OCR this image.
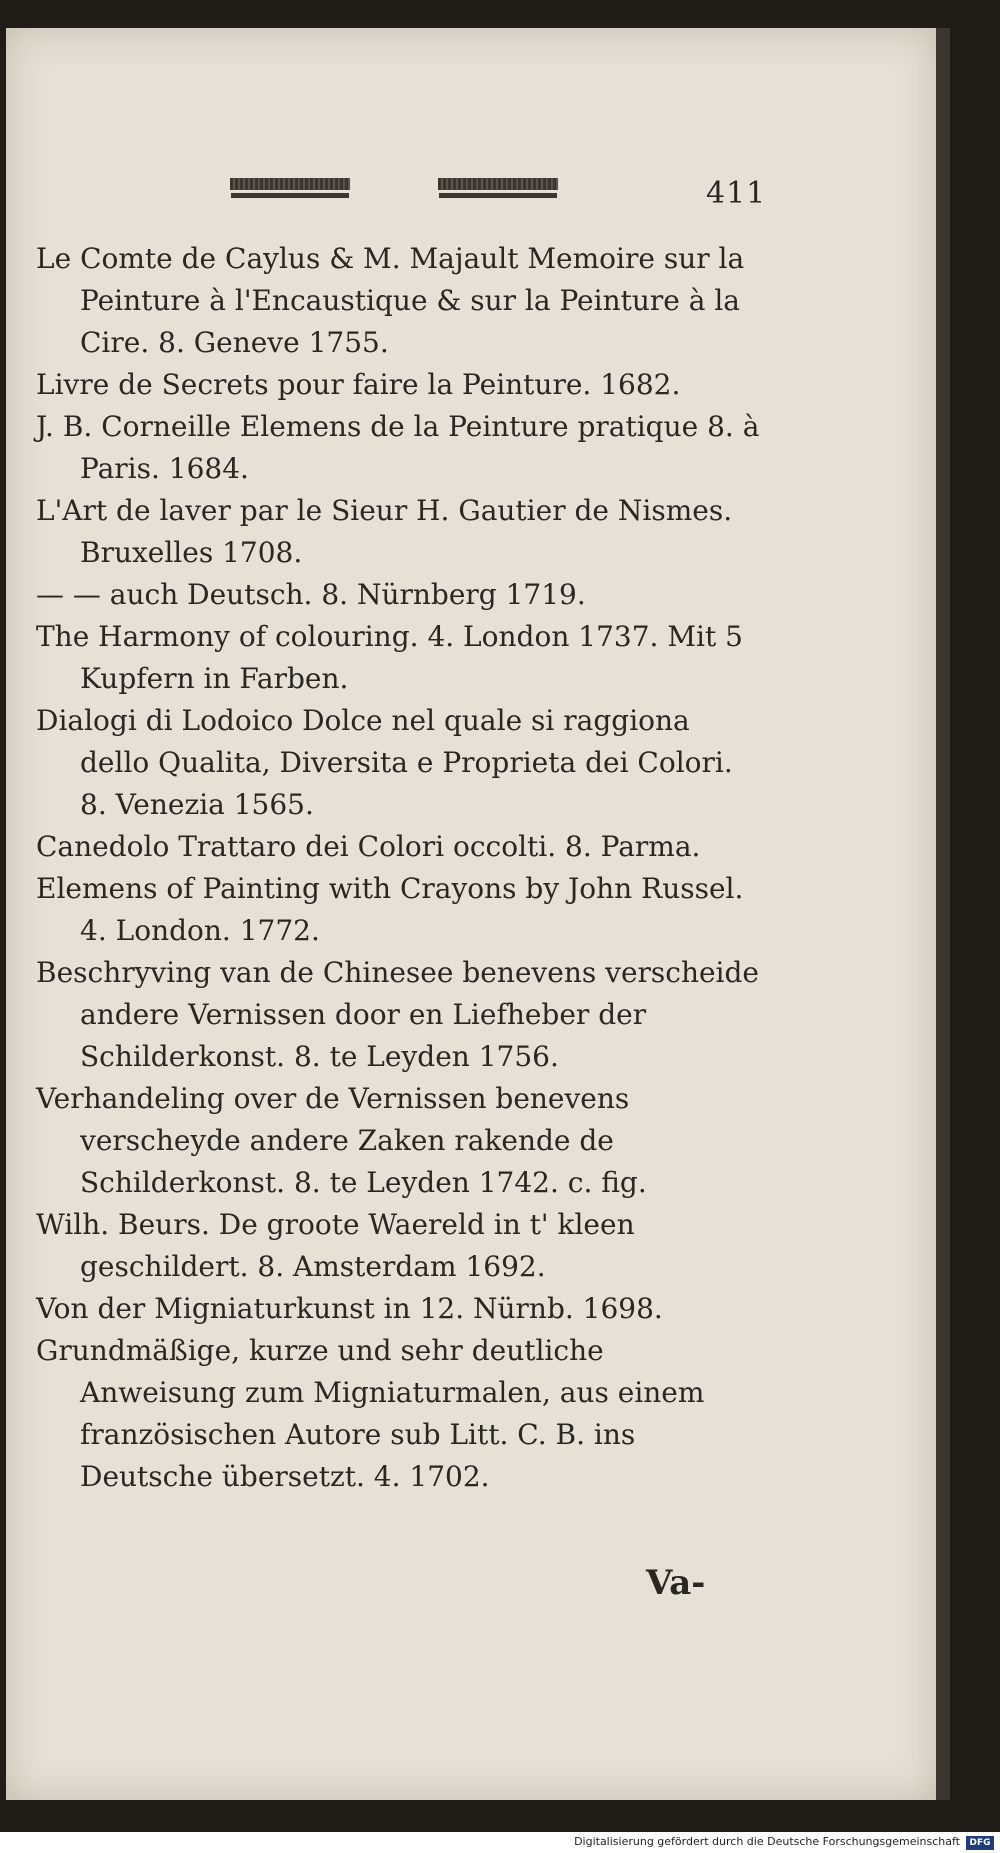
411
Le Comte de Caylus & M. Majault Memoire sur la Peinture à l'Encaustique & sur la Peinture à la Cire. 8. Geneve 1755.
Livre de Secrets pour faire la Peinture. 1682.
J. B. Corneille Elemens de la Peinture pratique 8. à Paris. 1684.
L'Art de laver par le Sieur H. Gautier de Nismes. Bruxelles 1708.
— — auch Deutsch. 8. Nürnberg 1719.
The Harmony of colouring. 4. London 1737. Mit 5 Kupfern in Farben.
Dialogi di Lodoico Dolce nel quale si raggiona dello Qualita, Diversita e Proprieta dei Colori. 8. Venezia 1565.
Canedolo Trattaro dei Colori occolti. 8. Parma.
Elemens of Painting with Crayons by John Russel. 4. London. 1772.
Beschryving van de Chinesee benevens verscheide andere Vernissen door en Liefheber der Schilderkonst. 8. te Leyden 1756.
Verhandeling over de Vernissen benevens verscheyde andere Zaken rakende de Schilderkonst. 8. te Leyden 1742. c. fig.
Wilh. Beurs. De groote Waereld in t' kleen geschildert. 8. Amsterdam 1692.
Von der Migniaturkunst in 12. Nürnb. 1698.
Grundmäßige, kurze und sehr deutliche Anweisung zum Migniaturmalen, aus einem französischen Autore sub Litt. C. B. ins Deutsche übersetzt. 4. 1702.
Va-
Digitalisierung gefördert durch die Deutsche Forschungsgemeinschaft	DFG
